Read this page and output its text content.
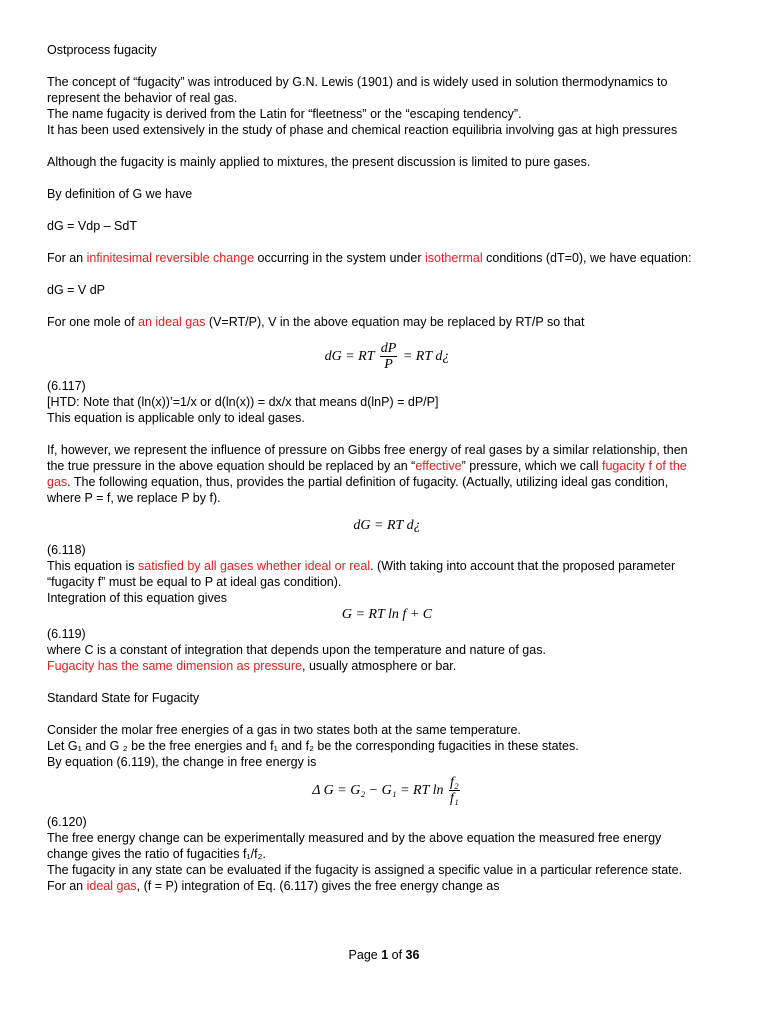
Ostprocess fugacity

The concept of “fugacity” was introduced by G.N. Lewis (1901) and is widely used in solution thermodynamics to

represent the behavior of real gas.

The name fugacity is derived from the Latin for “fleetness” or the “escaping tendency”.

It has been used extensively in the study of phase and chemical reaction equilibria involving gas at high pressures

Although the fugacity is mainly applied to mixtures, the present discussion is limited to pure gases.

By definition of G we have

dG = Vdp – SdT

For an infinitesimal reversible change occurring in the system under isothermal conditions (dT=0), we have equation:

dG = V dP

For one mole of an ideal gas (V=RT/P), V in the above equation may be replaced by RT/P so that

dG = RT $\frac{dP}{P}$ = RT d¿

(6.117)

[HTD: Note that (ln(x))’=1/x or d(ln(x)) = dx/x that means d(lnP) = dP/P]

This equation is applicable only to ideal gases.

If, however, we represent the influence of pressure on Gibbs free energy of real gases by a similar relationship, then

the true pressure in the above equation should be replaced by an “effective” pressure, which we call fugacity f of the

gas. The following equation, thus, provides the partial definition of fugacity. (Actually, utilizing ideal gas condition,

where P = f, we replace P by f).

dG = RT d¿

(6.118)

This equation is satisfied by all gases whether ideal or real. (With taking into account that the proposed parameter

“fugacity f” must be equal to P at ideal gas condition).

Integration of this equation gives

G = RT ln f + C

(6.119)

where C is a constant of integration that depends upon the temperature and nature of gas.

Fugacity has the same dimension as pressure, usually atmosphere or bar.

Standard State for Fugacity

Consider the molar free energies of a gas in two states both at the same temperature.

Let G₁ and G ₂ be the free energies and f₁ and f₂ be the corresponding fugacities in these states.

By equation (6.119), the change in free energy is

Δ G = G₂ − G₁ = RT $\ln \frac{\text{f₂}}{\text{f₁}}$

(6.120)

The free energy change can be experimentally measured and by the above equation the measured free energy

change gives the ratio of fugacities f₁/f₂.

The fugacity in any state can be evaluated if the fugacity is assigned a specific value in a particular reference state.

For an ideal gas, (f = P) integration of Eq. (6.117) gives the free energy change as

Page 1 of 36
